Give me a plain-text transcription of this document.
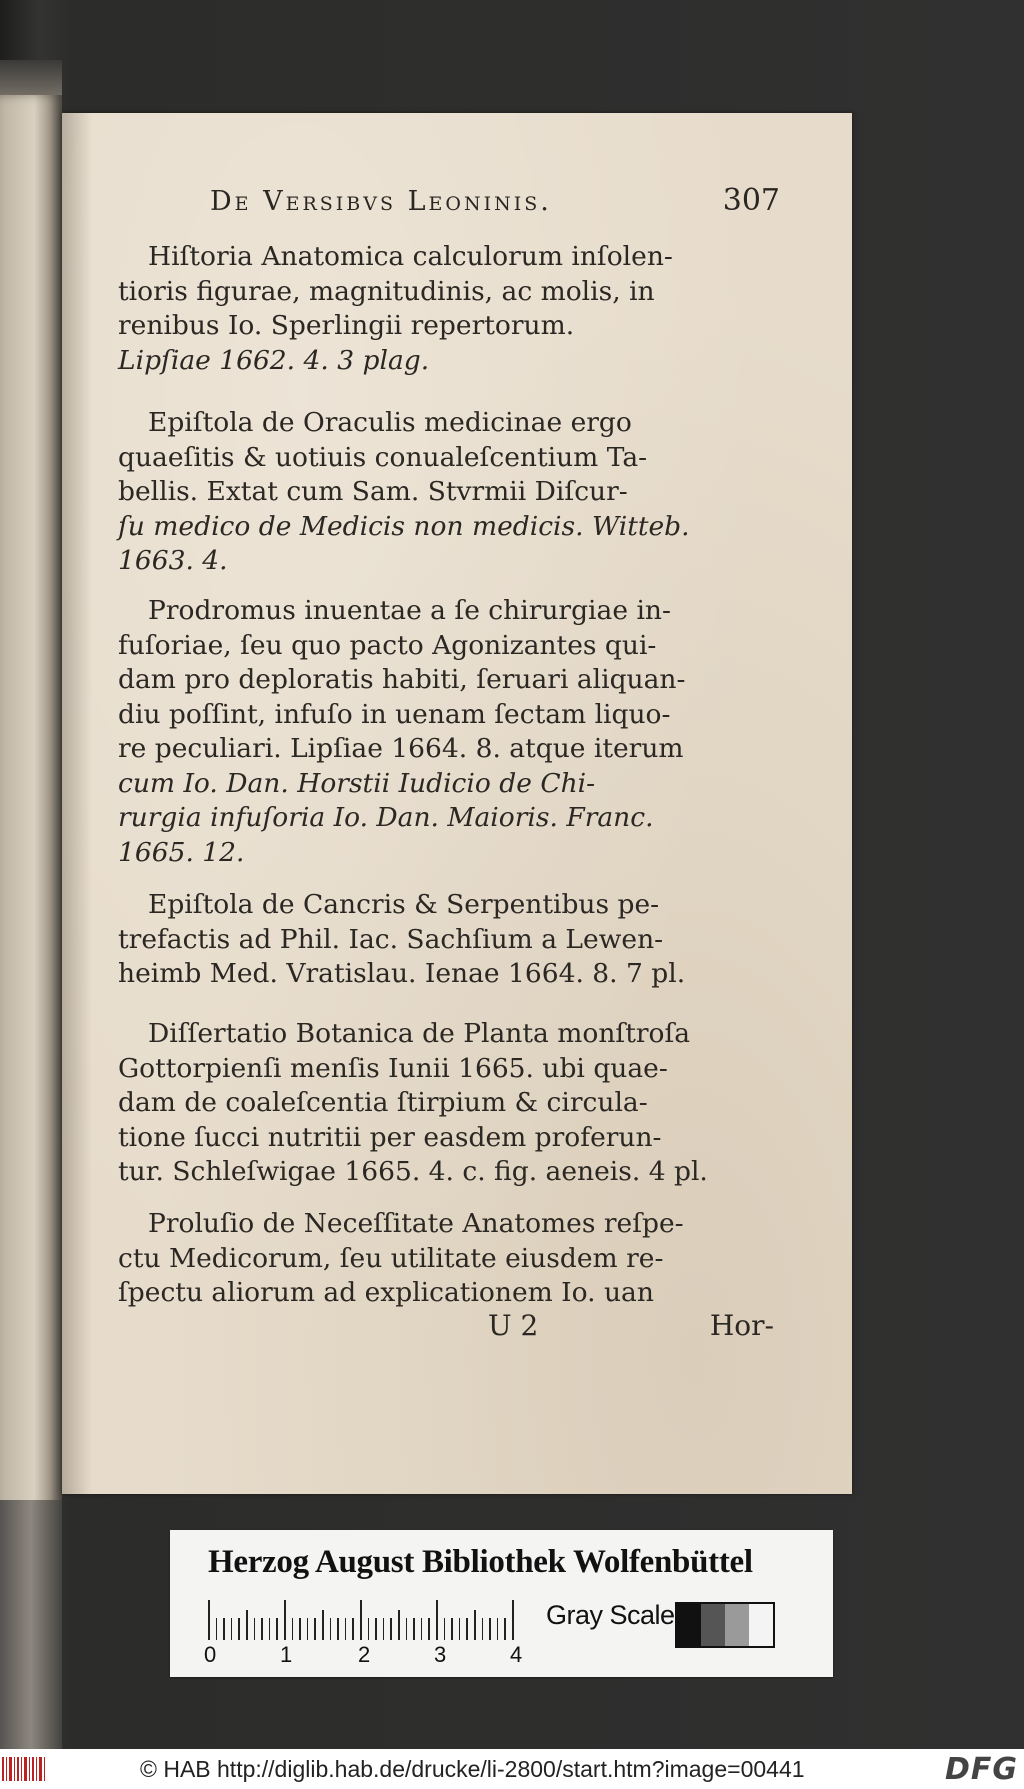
De Versibvs Leoninis.	307
Hiſtoria Anatomica calculorum inſolen-
tioris figurae, magnitudinis, ac molis, in
renibus Io. Sperlingii repertorum.
Lipſiae 1662. 4. 3 plag.
Epiſtola de Oraculis medicinae ergo
quaeſitis & uotiuis conualeſcentium Ta-
bellis. Extat cum Sam. Stvrmii Diſcur-
ſu medico de Medicis non medicis. Witteb.
1663. 4.
Prodromus inuentae a ſe chirurgiae in-
fuſoriae, ſeu quo pacto Agonizantes qui-
dam pro deploratis habiti, ſeruari aliquan-
diu poſſint, infuſo in uenam ſectam liquo-
re peculiari. Lipſiae 1664. 8. atque iterum
cum Io. Dan. Horstii Iudicio de Chi-
rurgia infuſoria Io. Dan. Maioris. Franc.
1665. 12.
Epiſtola de Cancris & Serpentibus pe-
trefactis ad Phil. Iac. Sachſium a Lewen-
heimb Med. Vratislau. Ienae 1664. 8. 7 pl.
Diſſertatio Botanica de Planta monſtroſa
Gottorpienſi menſis Iunii 1665. ubi quae-
dam de coaleſcentia ſtirpium & circula-
tione ſucci nutritii per easdem proferun-
tur. Schleſwigae 1665. 4. c. fig. aeneis. 4 pl.
Proluſio de Neceſſitate Anatomes reſpe-
ctu Medicorum, ſeu utilitate eiusdem re-
ſpectu aliorum ad explicationem Io. uan
U 2	Hor-
Herzog August Bibliothek Wolfenbüttel
0	1	2	3	4
Gray Scale
© HAB http://diglib.hab.de/drucke/li-2800/start.htm?image=00441	DFG
